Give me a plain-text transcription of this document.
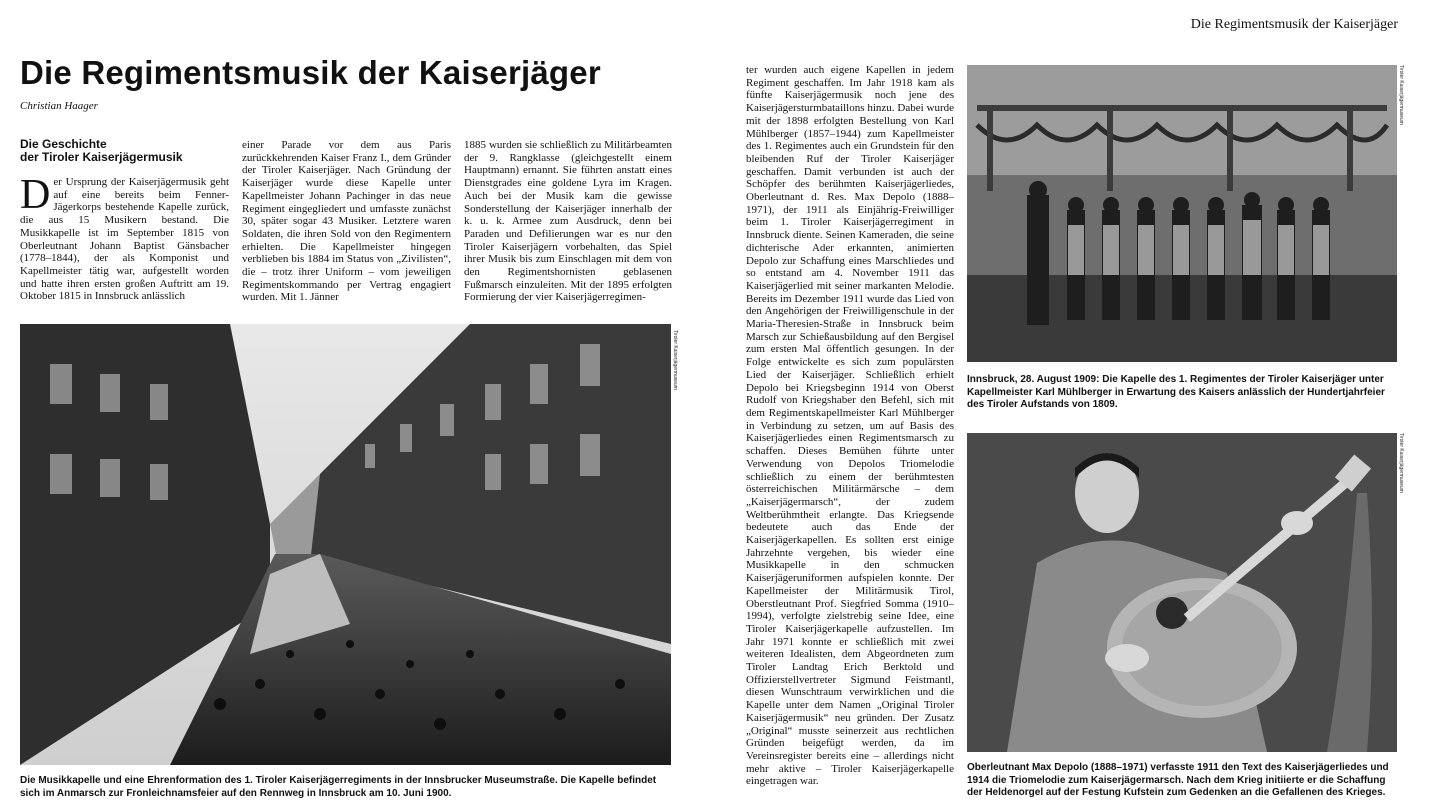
Die Regimentsmusik der Kaiserjäger
Die Regimentsmusik der Kaiserjäger
Christian Haager
Die Geschichte
der Tiroler Kaiserjägermusik

Der Ursprung der Kaiserjägermusik geht auf eine bereits beim Fenner-Jägerkorps bestehende Kapelle zurück, die aus 15 Musikern bestand. Die Musikkapelle ist im September 1815 von Oberleutnant Johann Baptist Gänsbacher (1778–1844), der als Komponist und Kapellmeister tätig war, aufgestellt worden und hatte ihren ersten großen Auftritt am 19. Oktober 1815 in Innsbruck anlässlich

einer Parade vor dem aus Paris zurückkehrenden Kaiser Franz I., dem Gründer der Tiroler Kaiserjäger. Nach Gründung der Kaiserjäger wurde diese Kapelle unter Kapellmeister Johann Pachinger in das neue Regiment eingegliedert und umfasste zunächst 30, später sogar 43 Musiker. Letztere waren Soldaten, die ihren Sold von den Regimentern erhielten. Die Kapellmeister hingegen verblieben bis 1884 im Status von „Zivilisten“, die – trotz ihrer Uniform – vom jeweiligen Regimentskommando per Vertrag engagiert wurden. Mit 1. Jänner

1885 wurden sie schließlich zu Militärbeamten der 9. Rangklasse (gleichgestellt einem Hauptmann) ernannt. Sie führten anstatt eines Dienstgrades eine goldene Lyra im Kragen. Auch bei der Musik kam die gewisse Sonderstellung der Kaiserjäger innerhalb der k. u. k. Armee zum Ausdruck, denn bei Paraden und Defilierungen war es nur den Tiroler Kaiserjägern vorbehalten, das Spiel ihrer Musik bis zum Einschlagen mit dem von den Regimentshornisten geblasenen Fußmarsch einzuleiten. Mit der 1895 erfolgten Formierung der vier Kaiserjägerregimen-

ter wurden auch eigene Kapellen in jedem Regiment geschaffen. Im Jahr 1918 kam als fünfte Kaiserjägermusik noch jene des Kaiserjägersturmbataillons hinzu. Dabei wurde mit der 1898 erfolgten Bestellung von Karl Mühlberger (1857–1944) zum Kapellmeister des 1. Regimentes auch ein Grundstein für den bleibenden Ruf der Tiroler Kaiserjäger geschaffen. Damit verbunden ist auch der Schöpfer des berühmten Kaiserjägerliedes, Oberleutnant d. Res. Max Depolo (1888–1971), der 1911 als Einjährig-Freiwilliger beim 1. Tiroler Kaiserjägerregiment in Innsbruck diente. Seinen Kameraden, die seine dichterische Ader erkannten, animierten Depolo zur Schaffung eines Marschliedes und so entstand am 4. November 1911 das Kaiserjägerlied mit seiner markanten Melodie. Bereits im Dezember 1911 wurde das Lied von den Angehörigen der Freiwilligenschule in der Maria-Theresien-Straße in Innsbruck beim Marsch zur Schießausbildung auf den Bergisel zum ersten Mal öffentlich gesungen. In der Folge entwickelte es sich zum populärsten Lied der Kaiserjäger. Schließlich erhielt Depolo bei Kriegsbeginn 1914 von Oberst Rudolf von Kriegshaber den Befehl, sich mit dem Regimentskapellmeister Karl Mühlberger in Verbindung zu setzen, um auf Basis des Kaiserjägerliedes einen Regimentsmarsch zu schaffen. Dieses Bemühen führte unter Verwendung von Depolos Triomelodie schließlich zu einem der berühmtesten österreichischen Militärmärsche – dem „Kaiserjägermarsch“, der zudem Weltberühmtheit erlangte. Das Kriegsende bedeutete auch das Ende der Kaiserjägerkapellen. Es sollten erst einige Jahrzehnte vergehen, bis wieder eine Musikkapelle in den schmucken Kaiserjägeruniformen aufspielen konnte. Der Kapellmeister der Militärmusik Tirol, Oberstleutnant Prof. Siegfried Somma (1910–1994), verfolgte zielstrebig seine Idee, eine Tiroler Kaiserjägerkapelle aufzustellen. Im Jahr 1971 konnte er schließlich mit zwei weiteren Idealisten, dem Abgeordneten zum Tiroler Landtag Erich Berktold und Offizierstellvertreter Sigmund Feistmantl, diesen Wunschtraum verwirklichen und die Kapelle unter dem Namen „Original Tiroler Kaiserjägermusik“ neu gründen. Der Zusatz „Original“ musste seinerzeit aus rechtlichen Gründen beigefügt werden, da im Vereinsregister bereits eine – allerdings nicht mehr aktive – Tiroler Kaiserjägerkapelle eingetragen war.

Tiroler Kaiserjägermuseum
Die Musikkapelle und eine Ehrenformation des 1. Tiroler Kaiserjägerregiments in der Innsbrucker Museumstraße. Die Kapelle befindet sich im Anmarsch zur Fronleichnamsfeier auf den Rennweg in Innsbruck am 10. Juni 1900.
Tiroler Kaiserjägermuseum
Innsbruck, 28. August 1909: Die Kapelle des 1. Regimentes der Tiroler Kaiserjäger unter Kapellmeister Karl Mühlberger in Erwartung des Kaisers anlässlich der Hundertjahrfeier des Tiroler Aufstands von 1809.
Tiroler Kaiserjägermuseum
Oberleutnant Max Depolo (1888–1971) verfasste 1911 den Text des Kaiserjägerliedes und 1914 die Triomelodie zum Kaiserjägermarsch. Nach dem Krieg initiierte er die Schaffung der Heldenorgel auf der Festung Kufstein zum Gedenken an die Gefallenen des Krieges.
